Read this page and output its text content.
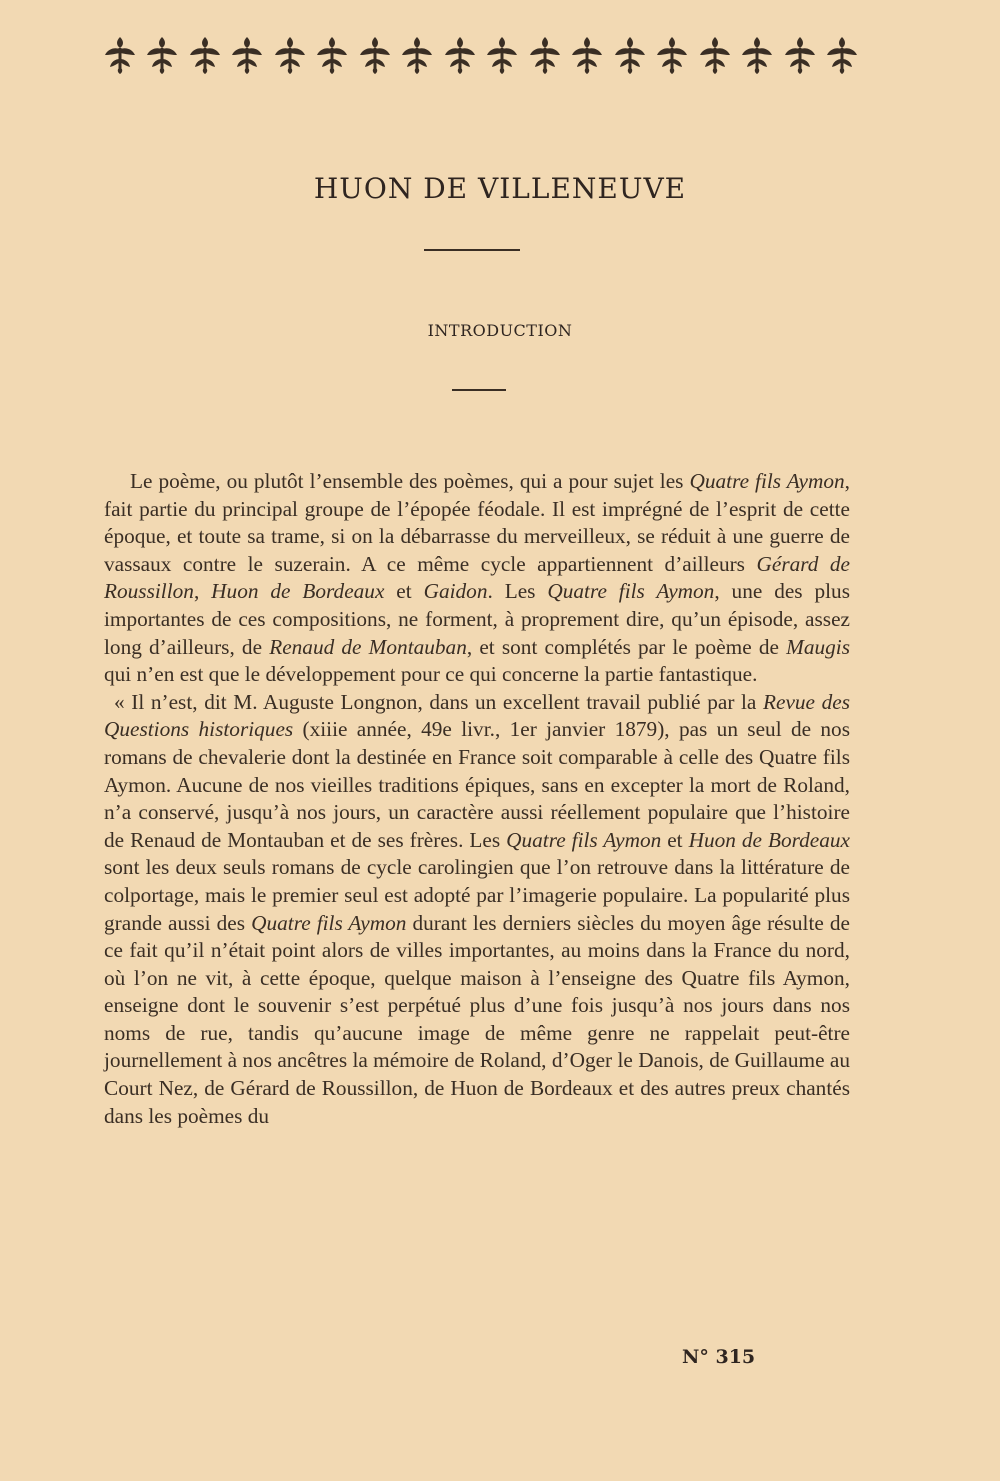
HUON DE VILLENEUVE
INTRODUCTION

Le poème, ou plutôt l’ensemble des poèmes, qui a pour sujet les Quatre fils Aymon, fait partie du principal groupe de l’épopée féodale. Il est imprégné de l’esprit de cette époque, et toute sa trame, si on la débarrasse du merveilleux, se réduit à une guerre de vassaux contre le suzerain. A ce même cycle appartiennent d’ailleurs Gérard de Roussillon, Huon de Bordeaux et Gaidon. Les Quatre fils Aymon, une des plus importantes de ces compositions, ne forment, à proprement dire, qu’un épisode, assez long d’ailleurs, de Renaud de Montauban, et sont complétés par le poème de Maugis qui n’en est que le développement pour ce qui concerne la partie fantastique.

« Il n’est, dit M. Auguste Longnon, dans un excellent travail publié par la Revue des Questions historiques (xiiie année, 49e livr., 1er janvier 1879), pas un seul de nos romans de chevalerie dont la destinée en France soit comparable à celle des Quatre fils Aymon. Aucune de nos vieilles traditions épiques, sans en excepter la mort de Roland, n’a conservé, jusqu’à nos jours, un caractère aussi réellement populaire que l’histoire de Renaud de Montauban et de ses frères. Les Quatre fils Aymon et Huon de Bordeaux sont les deux seuls romans de cycle carolingien que l’on retrouve dans la littérature de colportage, mais le premier seul est adopté par l’imagerie populaire. La popularité plus grande aussi des Quatre fils Aymon durant les derniers siècles du moyen âge résulte de ce fait qu’il n’était point alors de villes importantes, au moins dans la France du nord, où l’on ne vit, à cette époque, quelque maison à l’enseigne des Quatre fils Aymon, enseigne dont le souvenir s’est perpétué plus d’une fois jusqu’à nos jours dans nos noms de rue, tandis qu’aucune image de même genre ne rappelait peut-être journellement à nos ancêtres la mémoire de Roland, d’Oger le Danois, de Guillaume au Court Nez, de Gérard de Roussillon, de Huon de Bordeaux et des autres preux chantés dans les poèmes du

N° 315
